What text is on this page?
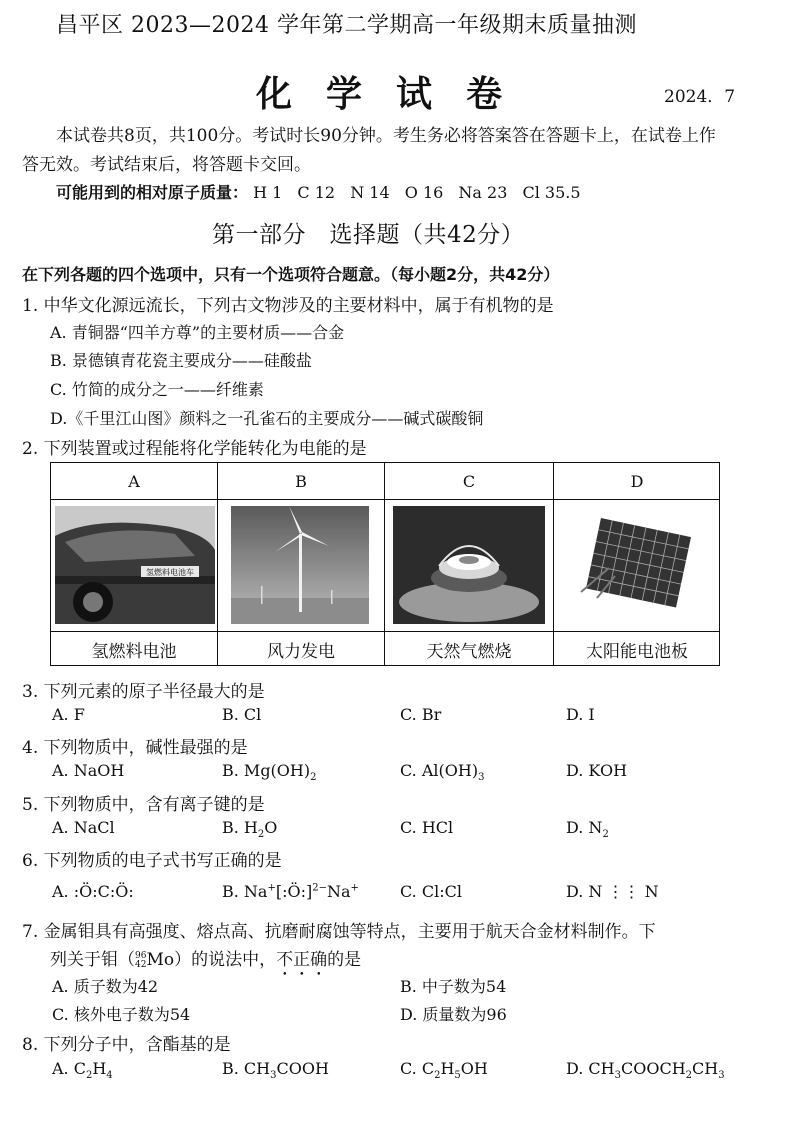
昌平区 2023—2024 学年第二学期高一年级期末质量抽测
化学试卷	2024．7
本试卷共8页，共100分。考试时长90分钟。考生务必将答案答在答题卡上，在试卷上作答无效。考试结束后，将答题卡交回。
可能用到的相对原子质量： H 1 C 12 N 14 O 16 Na 23 Cl 35.5
第一部分　选择题（共42分）
在下列各题的四个选项中，只有一个选项符合题意。（每小题2分，共42分）
1. 中华文化源远流长，下列古文物涉及的主要材料中，属于有机物的是
A. 青铜器“四羊方尊”的主要材质——合金
B. 景德镇青花瓷主要成分——硅酸盐
C. 竹简的成分之一——纤维素
D.《千里江山图》颜料之一孔雀石的主要成分——碱式碳酸铜
2. 下列装置或过程能将化学能转化为电能的是
A	B	C	D
氢燃料电池车
氢燃料电池	风力发电	天然气燃烧	太阳能电池板
3. 下列元素的原子半径最大的是
A. F	B. Cl	C. Br	D. I
4. 下列物质中，碱性最强的是
A. NaOH	B. $Mg(OH)_2$	C. $Al(OH)_3$	D. KOH
5. 下列物质中，含有离子键的是
A. NaCl	B. $H_2O$	C. HCl	D. $N_2$
6. 下列物质的电子式书写正确的是
A. :Ö:C:Ö:	B. Na+[:Ö:]$^{2-}$Na+	C. Cl:Cl	D. N ⋮⋮ N
7. 金属钼具有高强度、熔点高、抗磨耐腐蚀等特点，主要用于航天合金材料制作。下
列关于钼（ 96
42 Mo）的说法中，不正确的是
A. 质子数为42	B. 中子数为54
C. 核外电子数为54	D. 质量数为96
8. 下列分子中，含酯基的是
A. $C_2H_4$	B. $CH_3COOH$	C. $C_2H_5OH$	D. $CH_3COOCH_2CH_3$
